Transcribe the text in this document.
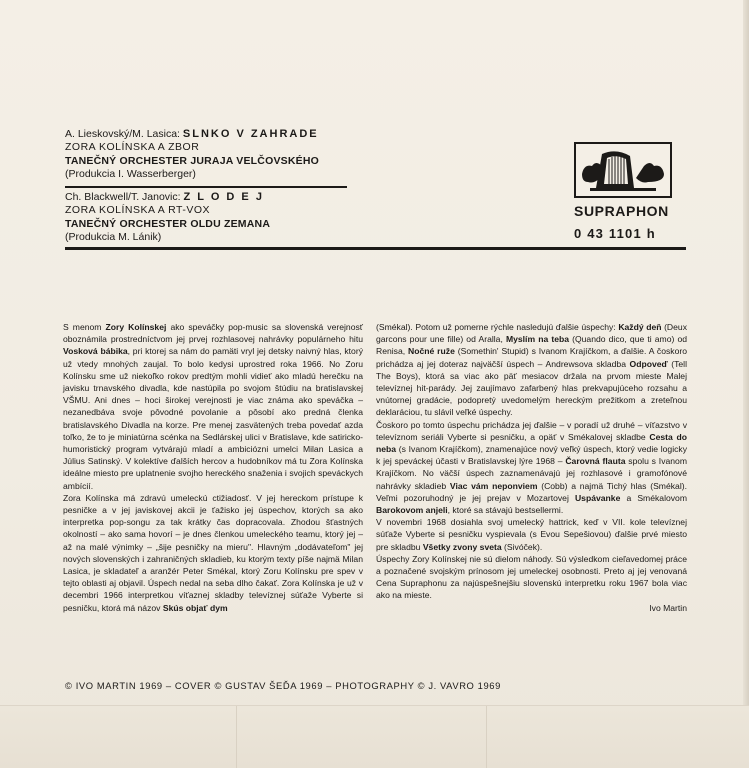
A. Lieskovský/M. Lasica: SLNKO V ZAHRADE
ZORA KOLÍNSKA A ZBOR
TANEČNÝ ORCHESTER JURAJA VELČOVSKÉHO
(Produkcia I. Wasserberger)
Ch. Blackwell/T. Janovic: Z L O D E J
ZORA KOLÍNSKA A RT-VOX
TANEČNÝ ORCHESTER OLDU ZEMANA
(Produkcia M. Lánik)
SUPRAPHON
0 43 1101 h

S menom Zory Kolínskej ako speváčky pop-music sa slovenská verejnosť oboznámila prostredníctvom jej prvej rozhlasovej nahrávky populárneho hitu Vosková bábika, pri ktorej sa nám do pamäti vryl jej detsky naivný hlas, ktorý už vtedy mnohých zaujal. To bolo kedysi uprostred roka 1966. No Zoru Kolínsku sme už niekoľko rokov predtým mohli vidieť ako mladú herečku na javisku trnavského divadla, kde nastúpila po svojom štúdiu na bratislavskej VŠMU. Ani dnes – hoci širokej verejnosti je viac známa ako speváčka – nezanedbáva svoje pôvodné povolanie a pôsobí ako predná členka bratislavského Divadla na korze. Pre menej zasvätených treba povedať azda toľko, že to je miniatúrna scénka na Sedlárskej ulici v Bratislave, kde satiricko-humoristický program vytvárajú mladí a ambiciózni umelci Milan Lasica a Július Satinský. V kolektíve ďalších hercov a hudobníkov má tu Zora Kolínska ideálne miesto pre uplatnenie svojho hereckého snaženia i svojich speváckych ambícií.

Zora Kolínska má zdravú umeleckú ctižiadosť. V jej hereckom prístupe k pesničke a v jej javiskovej akcii je ťažisko jej úspechov, ktorých sa ako interpretka pop-songu za tak krátky čas dopracovala. Zhodou šťastných okolností – ako sama hovorí – je dnes členkou umeleckého teamu, ktorý jej – až na malé výnimky – „šije pesničky na mieru". Hlavným „dodávateľom" jej nových slovenských i zahraničných skladieb, ku ktorým texty píše najmä Milan Lasica, je skladateľ a aranžér Peter Smékal, ktorý Zoru Kolínsku pre spev v tejto oblasti aj objavil. Úspech nedal na seba dlho čakať. Zora Kolínska je už v decembri 1966 interpretkou víťaznej skladby televíznej súťaže Vyberte si pesničku, ktorá má názov Skús objať dym

(Smékal). Potom už pomerne rýchle nasledujú ďalšie úspechy: Každý deň (Deux garcons pour une fille) od Aralla, Myslím na teba (Quando dico, que ti amo) od Renisa, Nočné ruže (Somethin' Stupid) s Ivanom Krajíčkom, a ďalšie. A čoskoro prichádza aj jej doteraz najväčší úspech – Andrewsova skladba Odpoveď (Tell The Boys), ktorá sa viac ako päť mesiacov držala na prvom mieste Malej televíznej hit-parády. Jej zaujímavo zafarbený hlas prekvapujúceho rozsahu a vnútornej gradácie, podopretý uvedomelým hereckým prežitkom a zreteľnou deklaráciou, tu slávil veľké úspechy.

Čoskoro po tomto úspechu prichádza jej ďalšie – v poradí už druhé – víťazstvo v televíznom seriáli Vyberte si pesničku, a opäť v Smékalovej skladbe Cesta do neba (s Ivanom Krajíčkom), znamenajúce nový veľký úspech, ktorý vedie logicky k jej speváckej účasti v Bratislavskej lýre 1968 – Čarovná flauta spolu s Ivanom Krajíčkom. No väčší úspech zaznamenávajú jej rozhlasové i gramofónové nahrávky skladieb Viac vám neponviem (Cobb) a najmä Tichý hlas (Smékal). Veľmi pozoruhodný je jej prejav v Mozartovej Uspávanke a Smékalovom Barokovom anjeli, ktoré sa stávajú bestsellermi.

V novembri 1968 dosiahla svoj umelecký hattrick, keď v VII. kole televíznej súťaže Vyberte si pesničku vyspievala (s Evou Sepešiovou) ďalšie prvé miesto pre skladbu Všetky zvony sveta (Sivóček).

Úspechy Zory Kolínskej nie sú dielom náhody. Sú výsledkom cieľavedomej práce a poznačené svojským prínosom jej umeleckej osobnosti. Preto aj jej venovaná Cena Supraphonu za najúspešnejšiu slovenskú interpretku roku 1967 bola viac ako na mieste.

Ivo Martin

© IVO MARTIN 1969 – COVER © GUSTAV ŠEĎA 1969 – PHOTOGRAPHY © J. VAVRO 1969
